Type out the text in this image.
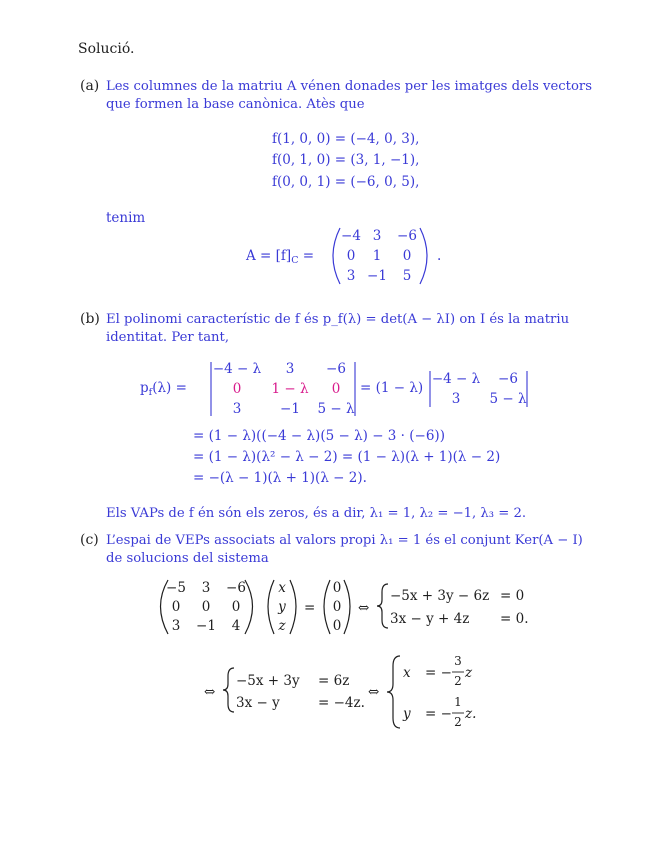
Solució.
(a) Les columnes de la matriu A vénen donades per les imatges dels vectors
que formen la base canònica. Atès que
f(1, 0, 0) = (−4, 0, 3),
f(0, 1, 0) = (3, 1, −1),
f(0, 0, 1) = (−6, 0, 5),
tenim
$A = [f]_C$ =
−4 3 −6
0 1 0
3 −1 5
.
(b) El polinomi característic de f és p_f(λ) = det(A − λI) on I és la matriu
identitat. Per tant,
$p_f(\lambda)$ =
−4 − λ 3 −6
0 1 − λ 0
3	−1 5 − λ
= (1 − λ)
−4 − λ −6
3 5 − λ
= (1 − λ)((−4 − λ)(5 − λ) − 3 · (−6))
= (1 − λ)(λ² − λ − 2) = (1 − λ)(λ + 1)(λ − 2)
= −(λ − 1)(λ + 1)(λ − 2).
Els VAPs de f én són els zeros, és a dir, λ₁ = 1, λ₂ = −1, λ₃ = 2.
(c) L’espai de VEPs associats al valors propi λ₁ = 1 és el conjunt Ker(A − I)
de solucions del sistema
−5 3 −6
0 0 0
3 −1 4
x
y
z
=
0
0
0
⇔
−5x + 3y − 6z = 0
3x − y + 4z = 0.
⇔
−5x + 3y = 6z
3x − y	= −4z.
⇔
x = −
3
2 z
y = −
1
2 z.
